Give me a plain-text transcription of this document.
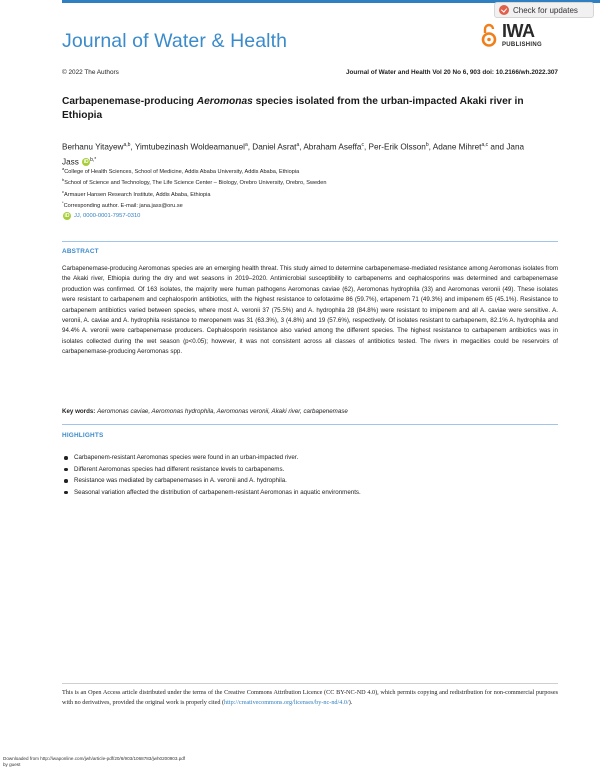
Check for updates
Journal of Water & Health	IWA
PUBLISHING
© 2022 The Authors	Journal of Water and Health Vol 20 No 6, 903 doi: 10.2166/wh.2022.307
Carbapenemase-producing Aeromonas species isolated from the urban-impacted Akaki river in Ethiopia
Berhanu Yitayew$^{a,b}$, Yimtubezinash Woldeamanuel$^a$, Daniel Asrat$^a$, Abraham Aseffa$^c$, Per-Erik Olsson$^b$, Adane Mihret$^{a,c}$ and Jana Jass iD $^{b,*}$
$^a$College of Health Sciences, School of Medicine, Addis Ababa University, Addis Ababa, Ethiopia
$^b$School of Science and Technology, The Life Science Center – Biology, Orebro University, Orebro, Sweden
$^c$Armauer Hansen Research Institute, Addis Ababa, Ethiopia
*Corresponding author. E-mail: jana.jass@oru.se
iD JJ , 0000-0001-7957-0310
ABSTRACT

Carbapenemase-producing Aeromonas species are an emerging health threat. This study aimed to determine carbapenemase-mediated resistance among Aeromonas isolates from the Akaki river, Ethiopia during the dry and wet seasons in 2019–2020. Antimicrobial susceptibility to carbapenems and cephalosporins was determined and carbapenemase production was confirmed. Of 163 isolates, the majority were human pathogens Aeromonas caviae (62), Aeromonas hydrophila (33) and Aeromonas veronii (49). These isolates were resistant to carbapenem and cephalosporin antibiotics, with the highest resistance to cefotaxime 86 (59.7%), ertapenem 71 (49.3%) and imipenem 65 (45.1%). Resistance to carbapenem antibiotics varied between species, where most A. veronii 37 (75.5%) and A. hydrophila 28 (84.8%) were resistant to imipenem and all A. caviae were sensitive. A. veronii, A. caviae and A. hydrophila resistance to meropenem was 31 (63.3%), 3 (4.8%) and 19 (57.6%), respectively. Of isolates resistant to carbapenem, 82.1% A. hydrophila and 94.4% A. veronii were carbapenemase producers. Cephalosporin resistance also varied among the different species. The highest resistance to carbapenem antibiotics was in isolates collected during the wet season (p<0.05); however, it was not consistent across all classes of antibiotics tested. The rivers in megacities could be reservoirs of carbapenemase-producing Aeromonas spp.

Key words: Aeromonas caviae, Aeromonas hydrophila, Aeromonas veronii, Akaki river, carbapenemase
HIGHLIGHTS
Carbapenem-resistant Aeromonas species were found in an urban-impacted river.
Different Aeromonas species had different resistance levels to carbapenems.
Resistance was mediated by carbapenemases in A. veronii and A. hydrophila.
Seasonal variation affected the distribution of carbapenem-resistant Aeromonas in aquatic environments.

This is an Open Access article distributed under the terms of the Creative Commons Attribution Licence (CC BY-NC-ND 4.0), which permits copying and redistribution for non-commercial purposes with no derivatives, provided the original work is properly cited (http://creativecommons.org/licenses/by-nc-nd/4.0/).

Downloaded from http://iwaponline.com/jwh/article-pdf/20/6/903/1068783/jwh0200903.pdf
by guest
